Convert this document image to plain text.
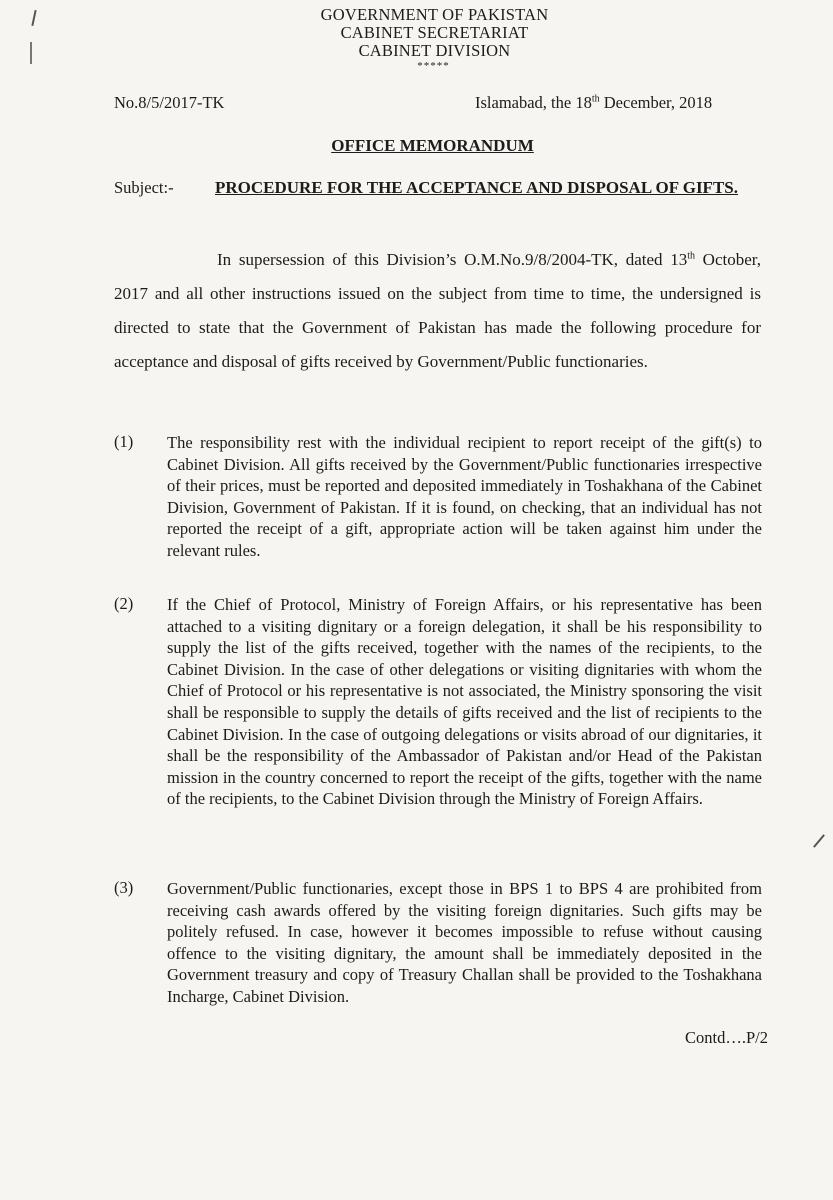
GOVERNMENT OF PAKISTAN
CABINET SECRETARIAT
CABINET DIVISION
*****
No.8/5/2017-TK	Islamabad, the 18th December, 2018
OFFICE MEMORANDUM
Subject:- PROCEDURE FOR THE ACCEPTANCE AND DISPOSAL OF GIFTS.
In supersession of this Division’s O.M.No.9/8/2004-TK, dated 13th October, 2017 and all other instructions issued on the subject from time to time, the undersigned is directed to state that the Government of Pakistan has made the following procedure for acceptance and disposal of gifts received by Government/Public functionaries.
(1) The responsibility rest with the individual recipient to report receipt of the gift(s) to Cabinet Division. All gifts received by the Government/Public functionaries irrespective of their prices, must be reported and deposited immediately in Toshakhana of the Cabinet Division, Government of Pakistan. If it is found, on checking, that an individual has not reported the receipt of a gift, appropriate action will be taken against him under the relevant rules.
(2) If the Chief of Protocol, Ministry of Foreign Affairs, or his representative has been attached to a visiting dignitary or a foreign delegation, it shall be his responsibility to supply the list of the gifts received, together with the names of the recipients, to the Cabinet Division. In the case of other delegations or visiting dignitaries with whom the Chief of Protocol or his representative is not associated, the Ministry sponsoring the visit shall be responsible to supply the details of gifts received and the list of recipients to the Cabinet Division. In the case of outgoing delegations or visits abroad of our dignitaries, it shall be the responsibility of the Ambassador of Pakistan and/or Head of the Pakistan mission in the country concerned to report the receipt of the gifts, together with the name of the recipients, to the Cabinet Division through the Ministry of Foreign Affairs.
(3) Government/Public functionaries, except those in BPS 1 to BPS 4 are prohibited from receiving cash awards offered by the visiting foreign dignitaries. Such gifts may be politely refused. In case, however it becomes impossible to refuse without causing offence to the visiting dignitary, the amount shall be immediately deposited in the Government treasury and copy of Treasury Challan shall be provided to the Toshakhana Incharge, Cabinet Division.
Contd….P/2
